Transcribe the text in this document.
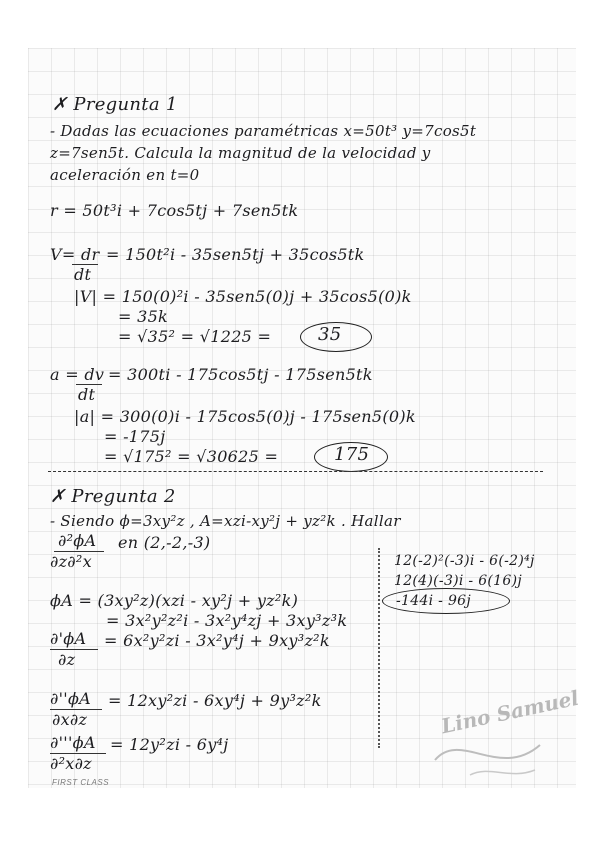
✗ Pregunta 1
- Dadas las ecuaciones paramétricas x=50t³ y=7cos5t
z=7sen5t. Calcula la magnitud de la velocidad y
aceleración en t=0
r = 50t³i + 7cos5tj + 7sen5tk
V= dr
dt
= 150t²i - 35sen5tj + 35cos5tk
|V| = 150(0)²i - 35sen5(0)j + 35cos5(0)k
= 35k
= √35² = √1225 =	35
a = dv
dt
= 300ti - 175cos5tj - 175sen5tk
|a| = 300(0)i - 175cos5(0)j - 175sen5(0)k
= -175j
= √175² = √30625 =	175
✗ Pregunta 2
- Siendo ϕ=3xy²z , A=xzi-xy²j + yz²k . Hallar
∂²ϕA
∂z∂²x
en (2,-2,-3)
12(-2)²(-3)i - 6(-2)⁴j
12(4)(-3)i - 6(16)j
-144i - 96j
ϕA = (3xy²z)(xzi - xy²j + yz²k)
= 3x²y²z²i - 3x²y⁴zj + 3xy³z³k
∂'ϕA
∂z
= 6x²y²zi - 3x²y⁴j + 9xy³z²k
∂''ϕA
∂x∂z
= 12xy²zi - 6xy⁴j + 9y³z²k
∂'''ϕA
∂²x∂z
= 12y²zi - 6y⁴j
Lino Samuel
FIRST CLASS
